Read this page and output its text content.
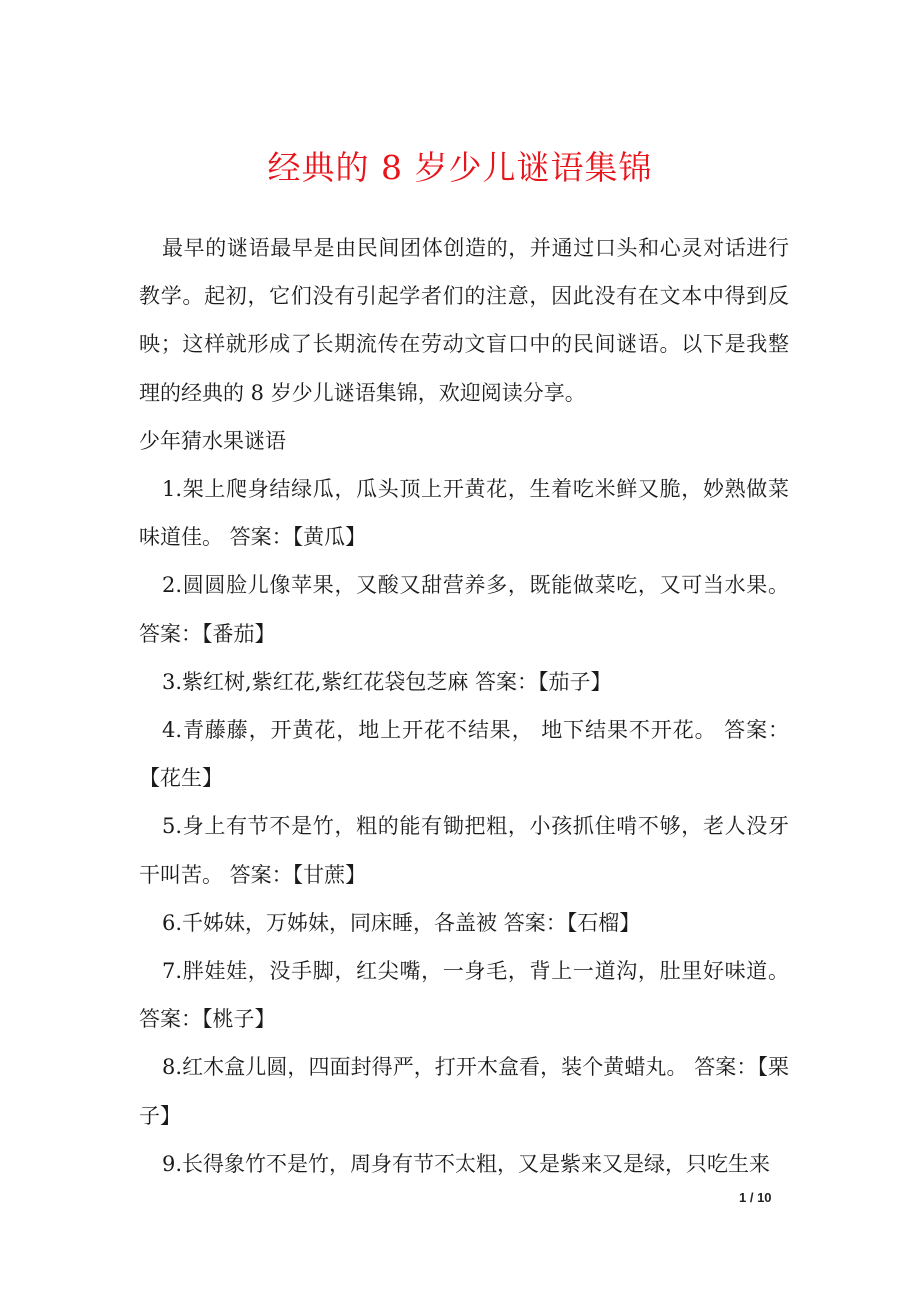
经典的 8 岁少儿谜语集锦

最早的谜语最早是由民间团体创造的，并通过口头和心灵对话进行教学。起初，它们没有引起学者们的注意，因此没有在文本中得到反映；这样就形成了长期流传在劳动文盲口中的民间谜语。以下是我整理的经典的 8 岁少儿谜语集锦，欢迎阅读分享。

少年猜水果谜语

1.架上爬身结绿瓜，瓜头顶上开黄花，生着吃米鲜又脆，妙熟做菜味道佳。 答案：【黄瓜】

2.圆圆脸儿像苹果，又酸又甜营养多，既能做菜吃，又可当水果。答案：【番茄】

3.紫红树,紫红花,紫红花袋包芝麻 答案：【茄子】

4.青藤藤，开黄花，地上开花不结果， 地下结果不开花。 答案：【花生】

5.身上有节不是竹，粗的能有锄把粗，小孩抓住啃不够，老人没牙干叫苦。 答案：【甘蔗】

6.千姊妹，万姊妹，同床睡，各盖被 答案：【石榴】

7.胖娃娃，没手脚，红尖嘴，一身毛，背上一道沟，肚里好味道。答案：【桃子】

8.红木盒儿圆，四面封得严，打开木盒看，装个黄蜡丸。 答案：【栗子】

9.长得象竹不是竹，周身有节不太粗，又是紫来又是绿，只吃生来

1 / 10
